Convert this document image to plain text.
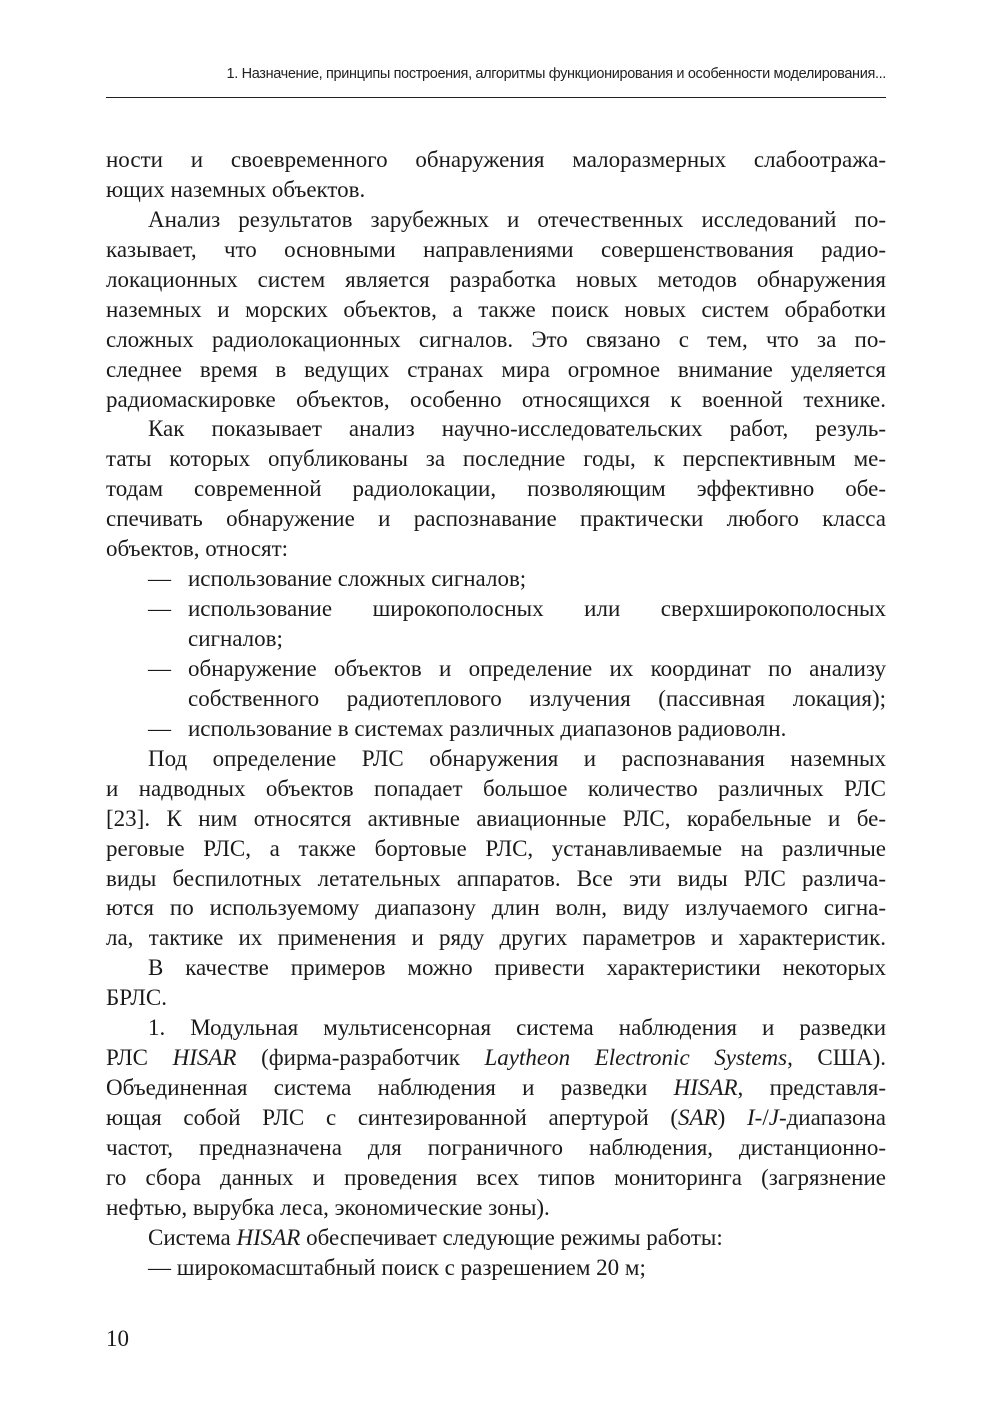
1. Назначение, принципы построения, алгоритмы функционирования и особенности моделирования...
ности и своевременного обнаружения малоразмерных слабоотража-
ющих наземных объектов.
Анализ результатов зарубежных и отечественных исследований по-
казывает, что основными направлениями совершенствования радио-
локационных систем является разработка новых методов обнаружения
наземных и морских объектов, а также поиск новых систем обработки
сложных радиолокационных сигналов. Это связано с тем, что за по-
следнее время в ведущих странах мира огромное внимание уделяется
радиомаскировке объектов, особенно относящихся к военной технике.
Как показывает анализ научно-исследовательских работ, резуль-
таты которых опубликованы за последние годы, к перспективным ме-
тодам современной радиолокации, позволяющим эффективно обе-
спечивать обнаружение и распознавание практически любого класса
объектов, относят:
— использование сложных сигналов;
— использование широкополосных или сверхширокополосных
сигналов;
— обнаружение объектов и определение их координат по анализу
собственного радиотеплового излучения (пассивная локация);
— использование в системах различных диапазонов радиоволн.
Под определение РЛС обнаружения и распознавания наземных
и надводных объектов попадает большое количество различных РЛС
[23]. К ним относятся активные авиационные РЛС, корабельные и бе-
реговые РЛС, а также бортовые РЛС, устанавливаемые на различные
виды беспилотных летательных аппаратов. Все эти виды РЛС различа-
ются по используемому диапазону длин волн, виду излучаемого сигна-
ла, тактике их применения и ряду других параметров и характеристик.
В качестве примеров можно привести характеристики некоторых
БРЛС.
1. Модульная мультисенсорная система наблюдения и разведки
РЛС HISAR (фирма-разработчик Laytheon Electronic Systems, США).
Объединенная система наблюдения и разведки HISAR, представля-
ющая собой РЛС с синтезированной апертурой (SAR) I-/J-диапазона
частот, предназначена для пограничного наблюдения, дистанционно-
го сбора данных и проведения всех типов мониторинга (загрязнение
нефтью, вырубка леса, экономические зоны).
Система HISAR обеспечивает следующие режимы работы:
— широкомасштабный поиск с разрешением 20 м;
10
